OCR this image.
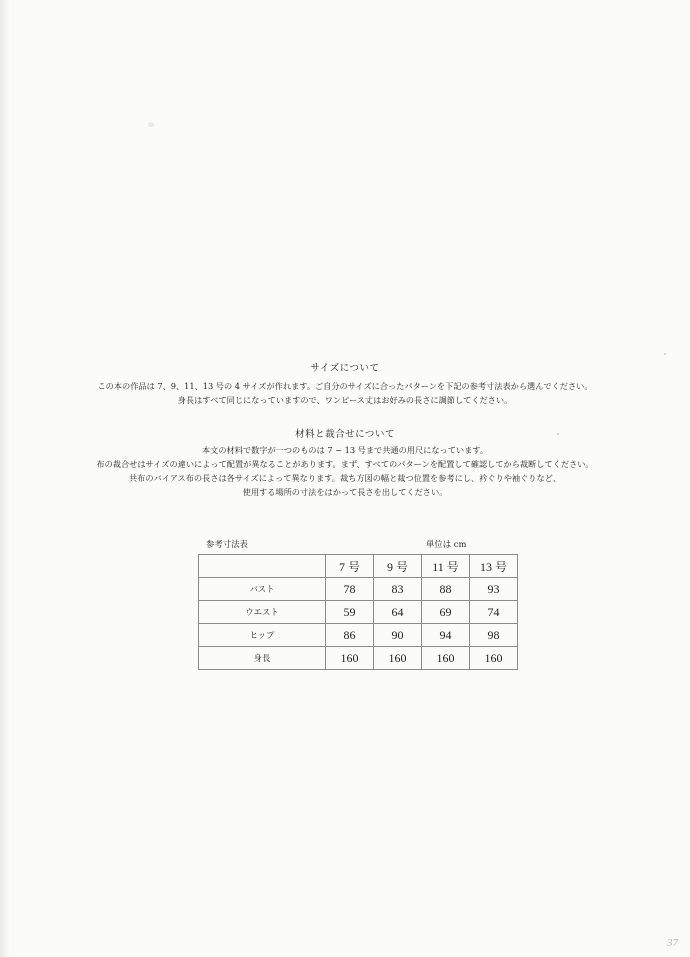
サイズについて

この本の作品は 7、9、11、13 号の 4 サイズが作れます。ご自分のサイズに合ったパターンを下記の参考寸法表から選んでください。

身長はすべて同じになっていますので、ワンピース丈はお好みの長さに調節してください。

材料と裁合せについて

本文の材料で数字が一つのものは 7 ~ 13 号まで共通の用尺になっています。

布の裁合せはサイズの違いによって配置が異なることがあります。まず、すべてのパターンを配置して確認してから裁断してください。

共布のバイアス布の長さは各サイズによって異なります。裁ち方図の幅と裁つ位置を参考にし、衿ぐりや袖ぐりなど、

使用する場所の寸法をはかって長さを出してください。

参考寸法表	単位は cm
	7 号	9 号	11 号	13 号
バスト	78	83	88	93
ウエスト	59	64	69	74
ヒップ	86	90	94	98
身長	160	160	160	160
37
